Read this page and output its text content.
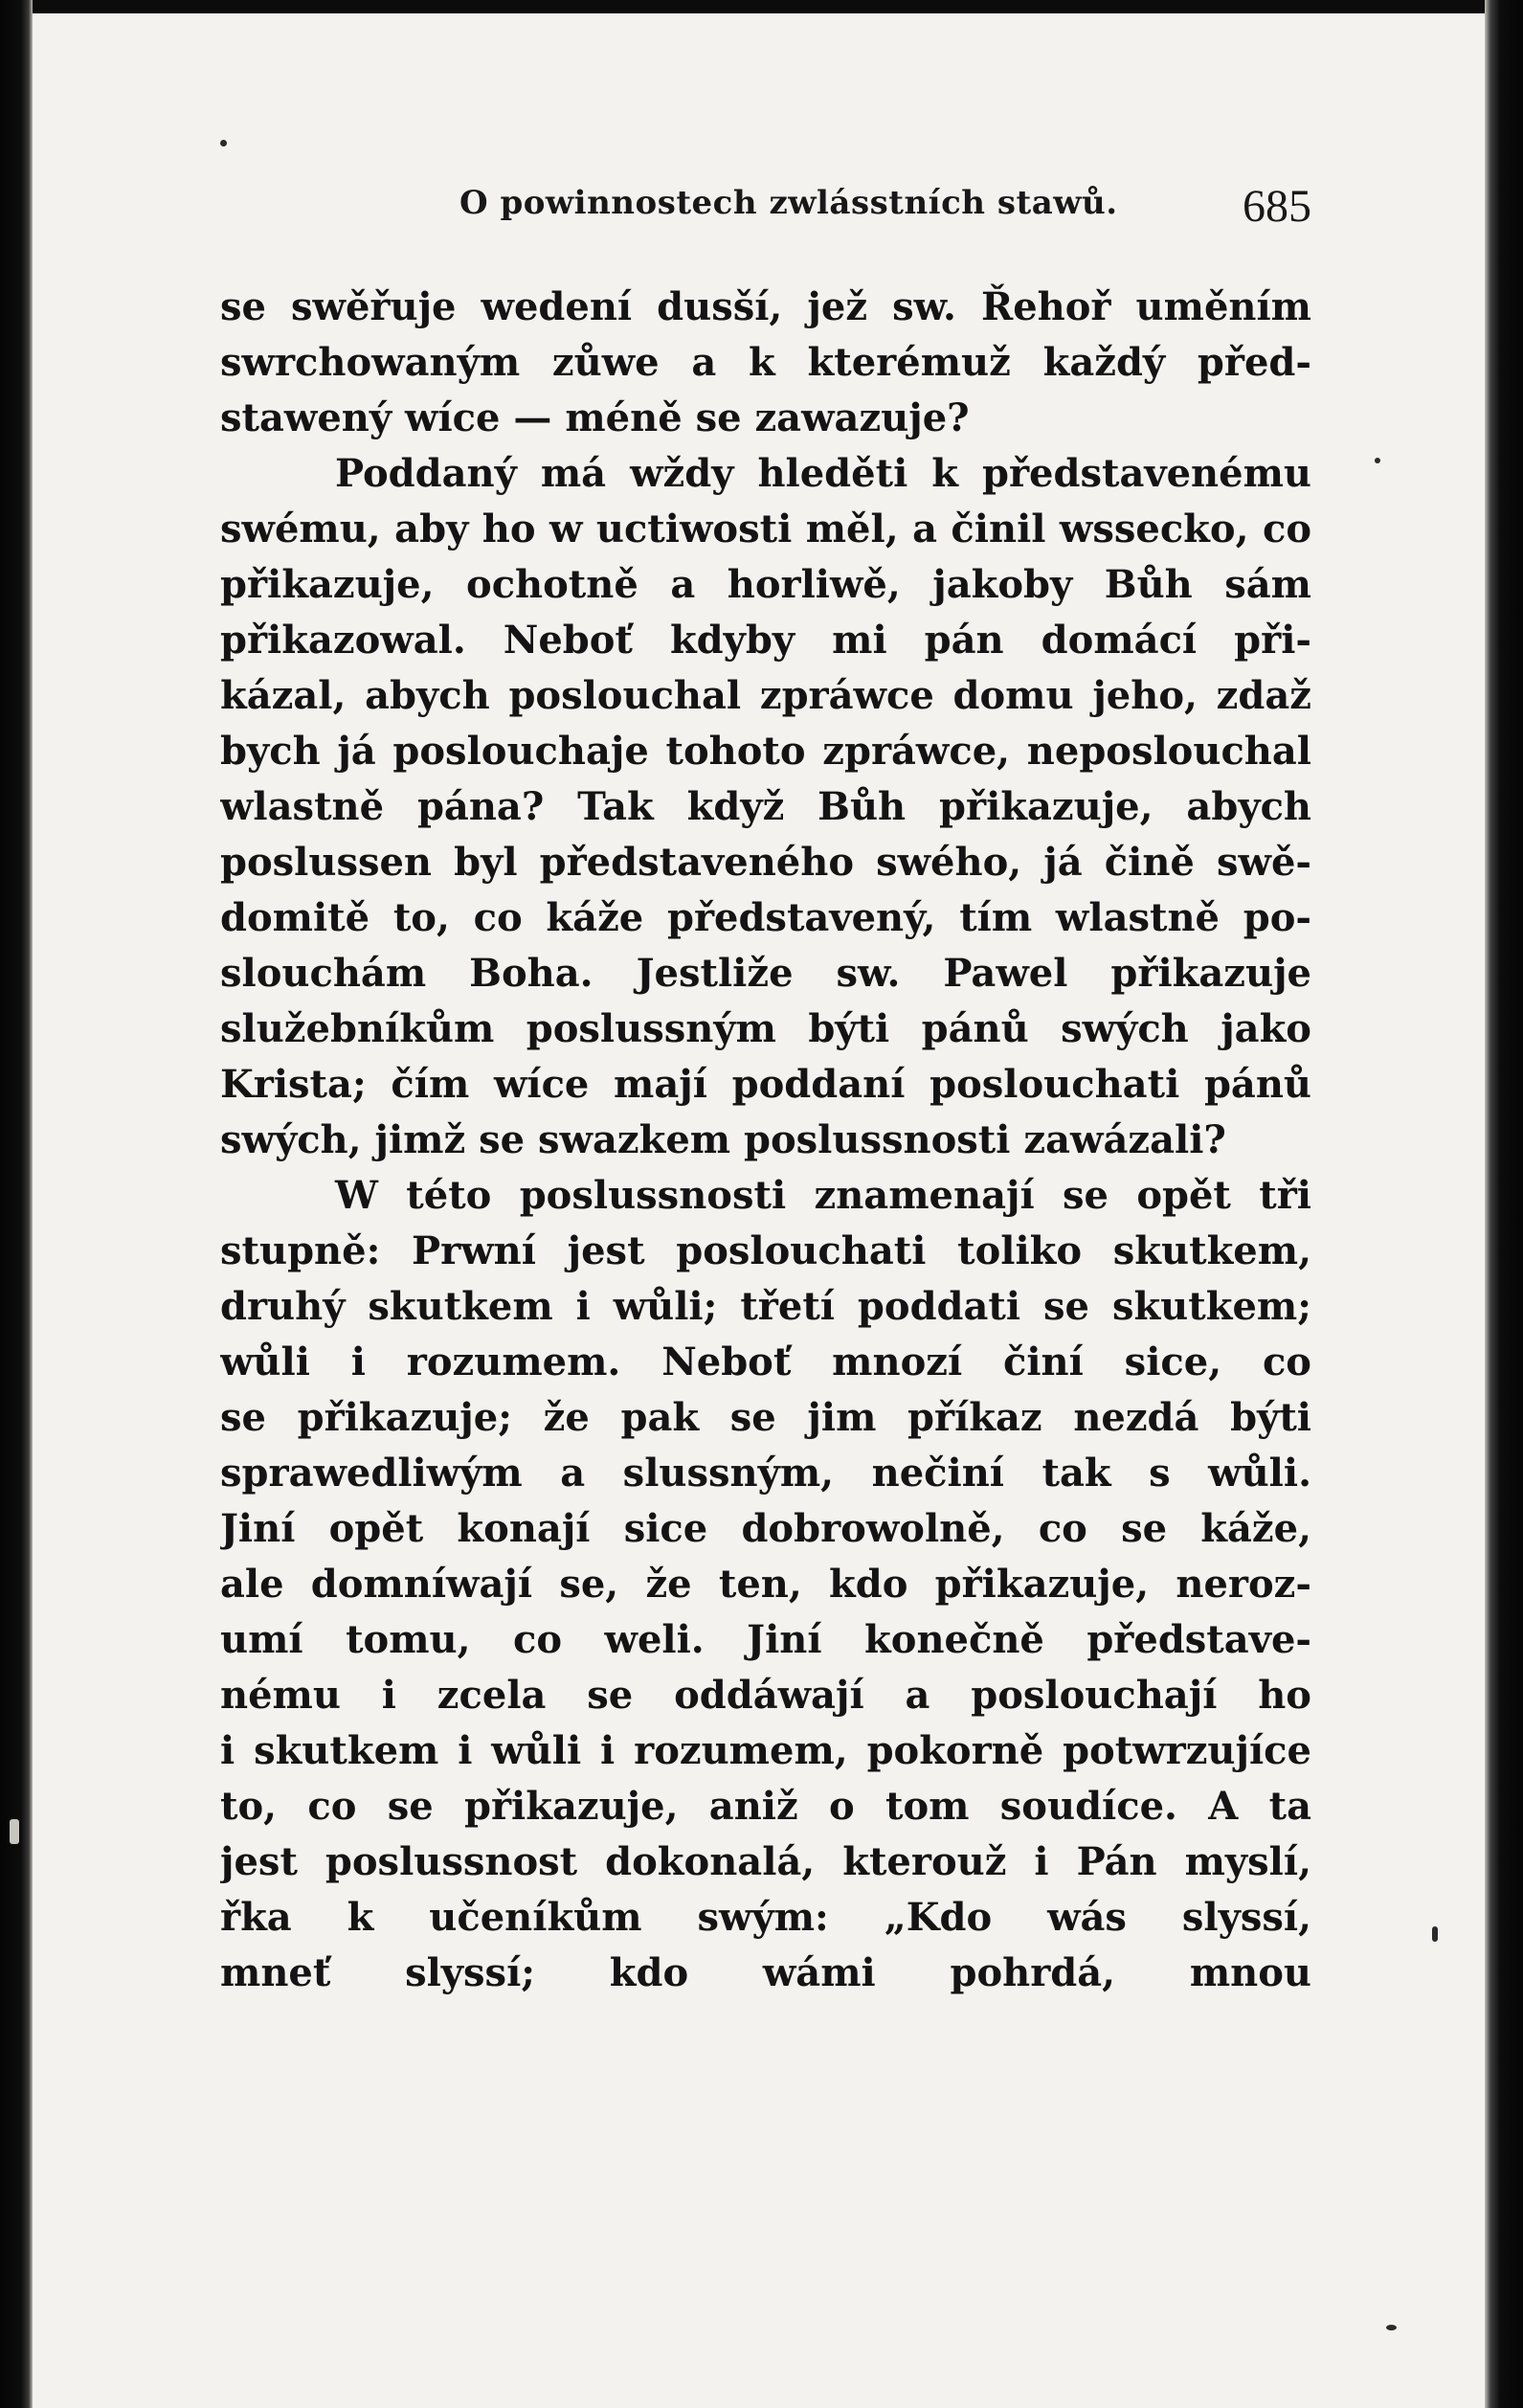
O powinnostech zwlásstních stawů.	685
se swěřuje wedení dusší, jež sw. Řehoř uměním
swrchowaným zůwe a k kterémuž každý před-
stawený wíce — méně se zawazuje?
Poddaný má wždy hleděti k představenému
swému, aby ho w uctiwosti měl, a činil wssecko, co
přikazuje, ochotně a horliwě, jakoby Bůh sám
přikazowal. Neboť kdyby mi pán domácí při-
kázal, abych poslouchal zpráwce domu jeho, zdaž
bych já poslouchaje tohoto zpráwce, neposlouchal
wlastně pána? Tak když Bůh přikazuje, abych
poslussen byl představeného swého, já čině swě-
domitě to, co káže představený, tím wlastně po-
slouchám Boha. Jestliže sw. Pawel přikazuje
služebníkům poslussným býti pánů swých jako
Krista; čím wíce mají poddaní poslouchati pánů
swých, jimž se swazkem poslussnosti zawázali?
W této poslussnosti znamenají se opět tři
stupně: Prwní jest poslouchati toliko skutkem,
druhý skutkem i wůli; třetí poddati se skutkem;
wůli i rozumem. Neboť mnozí činí sice, co
se přikazuje; že pak se jim příkaz nezdá býti
sprawedliwým a slussným, nečiní tak s wůli.
Jiní opět konají sice dobrowolně, co se káže,
ale domníwají se, že ten, kdo přikazuje, neroz-
umí tomu, co weli. Jiní konečně představe-
nému i zcela se oddáwají a poslouchají ho
i skutkem i wůli i rozumem, pokorně potwrzujíce
to, co se přikazuje, aniž o tom soudíce. A ta
jest poslussnost dokonalá, kterouž i Pán myslí,
řka k učeníkům swým: „Kdo wás slyssí,
mneť slyssí; kdo wámi pohrdá, mnou
